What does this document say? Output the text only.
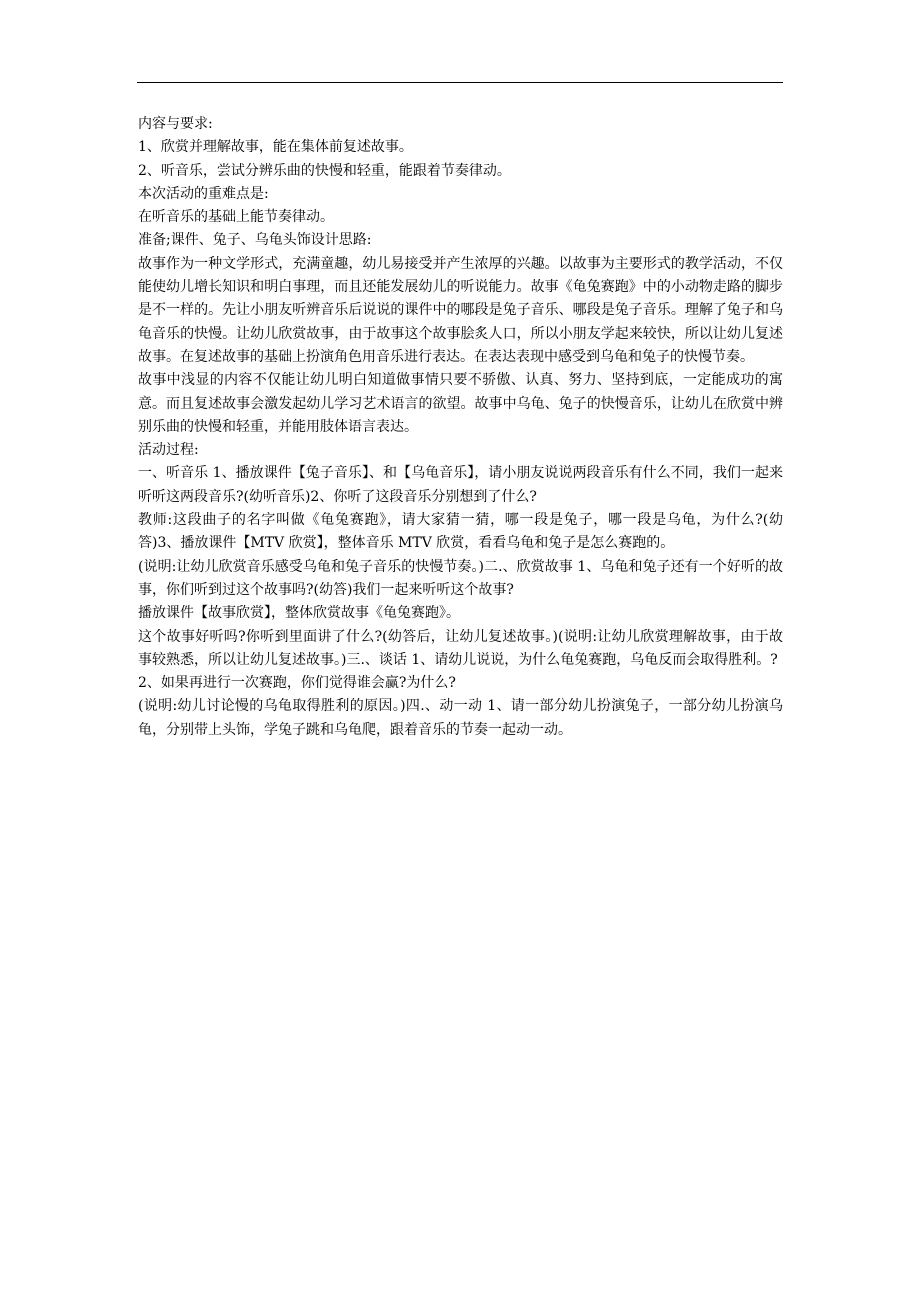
内容与要求:

1、欣赏并理解故事，能在集体前复述故事。

2、听音乐，尝试分辨乐曲的快慢和轻重，能跟着节奏律动。

本次活动的重难点是:

在听音乐的基础上能节奏律动。

准备;课件、兔子、乌龟头饰设计思路:

故事作为一种文学形式，充满童趣，幼儿易接受并产生浓厚的兴趣。以故事为主要形式的教学活动，不仅能使幼儿增长知识和明白事理，而且还能发展幼儿的听说能力。故事《龟兔赛跑》中的小动物走路的脚步是不一样的。先让小朋友听辨音乐后说说的课件中的哪段是兔子音乐、哪段是兔子音乐。理解了兔子和乌龟音乐的快慢。让幼儿欣赏故事，由于故事这个故事脍炙人口，所以小朋友学起来较快，所以让幼儿复述故事。在复述故事的基础上扮演角色用音乐进行表达。在表达表现中感受到乌龟和兔子的快慢节奏。

故事中浅显的内容不仅能让幼儿明白知道做事情只要不骄傲、认真、努力、坚持到底，一定能成功的寓意。而且复述故事会激发起幼儿学习艺术语言的欲望。故事中乌龟、兔子的快慢音乐，让幼儿在欣赏中辨别乐曲的快慢和轻重，并能用肢体语言表达。

活动过程:

一、听音乐 1、播放课件【兔子音乐】、和【乌龟音乐】，请小朋友说说两段音乐有什么不同，我们一起来听听这两段音乐?(幼听音乐)2、你听了这段音乐分别想到了什么?

教师:这段曲子的名字叫做《龟兔赛跑》，请大家猜一猜，哪一段是兔子，哪一段是乌龟，为什么?(幼答)3、播放课件【MTV 欣赏】，整体音乐 MTV 欣赏，看看乌龟和兔子是怎么赛跑的。

(说明:让幼儿欣赏音乐感受乌龟和兔子音乐的快慢节奏。)二.、欣赏故事 1、乌龟和兔子还有一个好听的故事，你们听到过这个故事吗?(幼答)我们一起来听听这个故事?

播放课件【故事欣赏】，整体欣赏故事《龟兔赛跑》。

这个故事好听吗?你听到里面讲了什么?(幼答后，让幼儿复述故事。)(说明:让幼儿欣赏理解故事，由于故事较熟悉，所以让幼儿复述故事。)三.、谈话 1、请幼儿说说，为什么龟兔赛跑，乌龟反而会取得胜利。?

2、如果再进行一次赛跑，你们觉得谁会赢?为什么?

(说明:幼儿讨论慢的乌龟取得胜利的原因。)四.、动一动 1、请一部分幼儿扮演兔子，一部分幼儿扮演乌龟，分别带上头饰，学兔子跳和乌龟爬，跟着音乐的节奏一起动一动。
